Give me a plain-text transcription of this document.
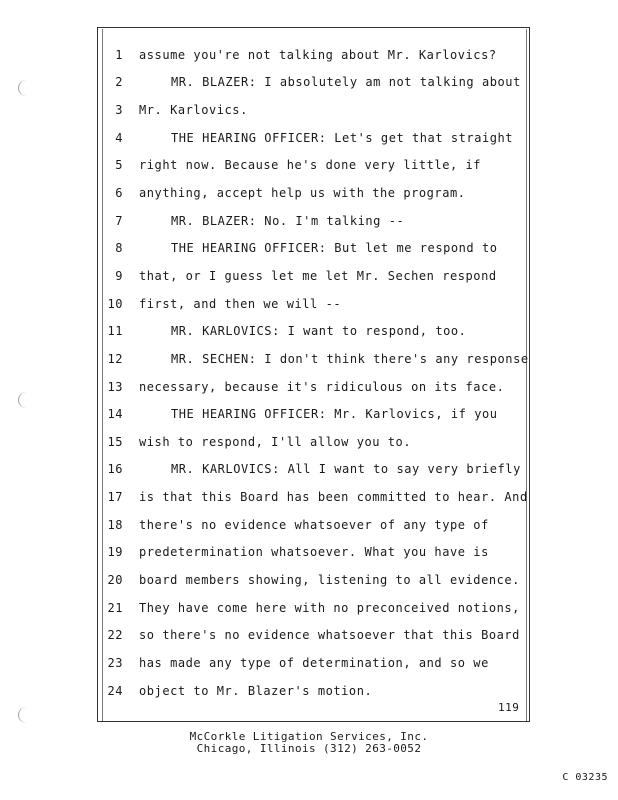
1 assume you're not talking about Mr. Karlovics?
2	MR. BLAZER: I absolutely am not talking about
3 Mr. Karlovics.
4	THE HEARING OFFICER: Let's get that straight
5 right now. Because he's done very little, if
6 anything, accept help us with the program.
7	MR. BLAZER: No. I'm talking --
8	THE HEARING OFFICER: But let me respond to
9 that, or I guess let me let Mr. Sechen respond
10 first, and then we will --
11	MR. KARLOVICS: I want to respond, too.
12	MR. SECHEN: I don't think there's any response
13 necessary, because it's ridiculous on its face.
14	THE HEARING OFFICER: Mr. Karlovics, if you
15 wish to respond, I'll allow you to.
16	MR. KARLOVICS: All I want to say very briefly
17 is that this Board has been committed to hear. And
18 there's no evidence whatsoever of any type of
19 predetermination whatsoever. What you have is
20 board members showing, listening to all evidence.
21 They have come here with no preconceived notions,
22 so there's no evidence whatsoever that this Board
23 has made any type of determination, and so we
24 object to Mr. Blazer's motion.
119
McCorkle Litigation Services, Inc.
Chicago, Illinois (312) 263-0052
C 03235
